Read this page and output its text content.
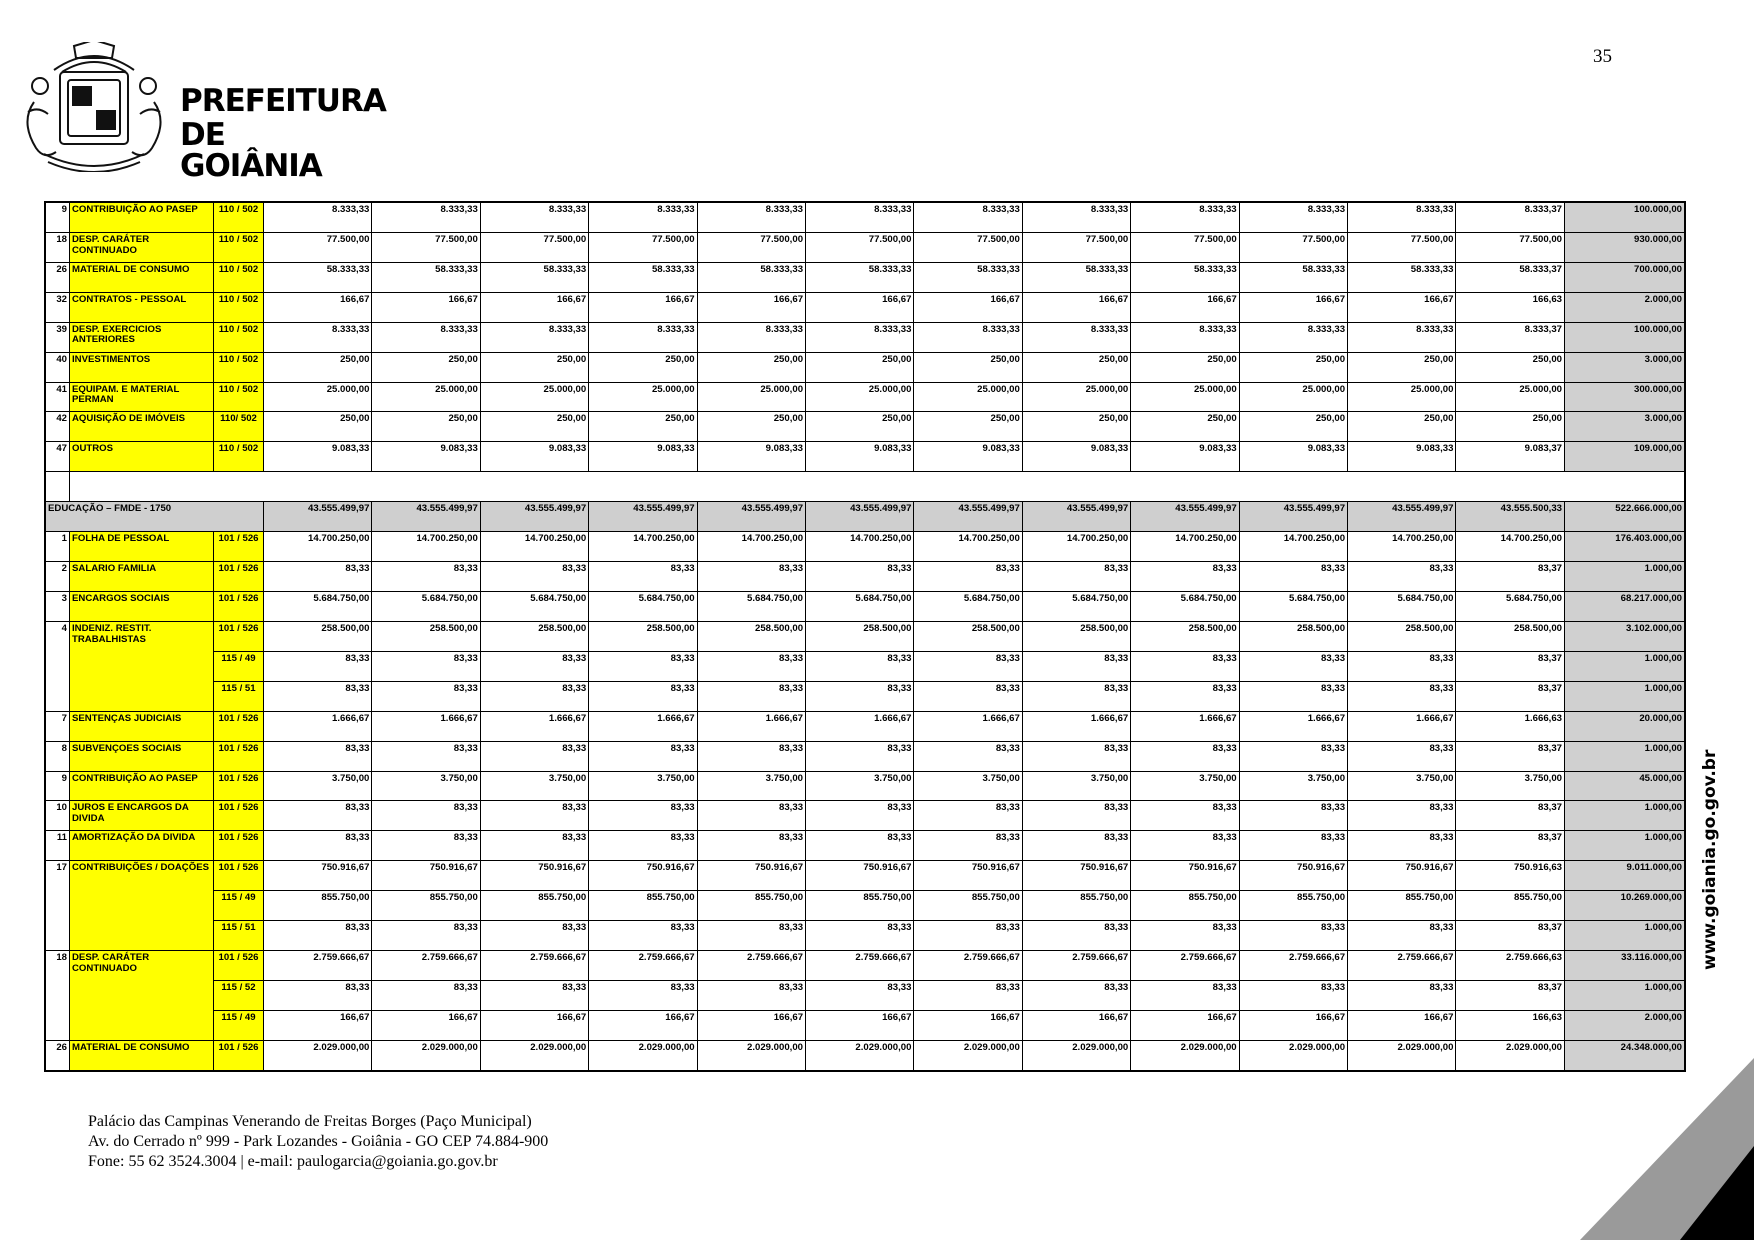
PREFEITURA
DE GOIÂNIA
35
9	CONTRIBUIÇÃO AO PASEP	110 / 502	8.333,33	8.333,33	8.333,33	8.333,33	8.333,33	8.333,33	8.333,33	8.333,33	8.333,33	8.333,33	8.333,33	8.333,37	100.000,00
18	DESP. CARÁTER CONTINUADO	110 / 502	77.500,00	77.500,00	77.500,00	77.500,00	77.500,00	77.500,00	77.500,00	77.500,00	77.500,00	77.500,00	77.500,00	77.500,00	930.000,00
26	MATERIAL DE CONSUMO	110 / 502	58.333,33	58.333,33	58.333,33	58.333,33	58.333,33	58.333,33	58.333,33	58.333,33	58.333,33	58.333,33	58.333,33	58.333,37	700.000,00
32	CONTRATOS - PESSOAL	110 / 502	166,67	166,67	166,67	166,67	166,67	166,67	166,67	166,67	166,67	166,67	166,67	166,63	2.000,00
39	DESP. EXERCICIOS ANTERIORES	110 / 502	8.333,33	8.333,33	8.333,33	8.333,33	8.333,33	8.333,33	8.333,33	8.333,33	8.333,33	8.333,33	8.333,33	8.333,37	100.000,00
40	INVESTIMENTOS	110 / 502	250,00	250,00	250,00	250,00	250,00	250,00	250,00	250,00	250,00	250,00	250,00	250,00	3.000,00
41	EQUIPAM. E MATERIAL PERMAN	110 / 502	25.000,00	25.000,00	25.000,00	25.000,00	25.000,00	25.000,00	25.000,00	25.000,00	25.000,00	25.000,00	25.000,00	25.000,00	300.000,00
42	AQUISIÇÃO DE IMÓVEIS	110/ 502	250,00	250,00	250,00	250,00	250,00	250,00	250,00	250,00	250,00	250,00	250,00	250,00	3.000,00
47	OUTROS	110 / 502	9.083,33	9.083,33	9.083,33	9.083,33	9.083,33	9.083,33	9.083,33	9.083,33	9.083,33	9.083,33	9.083,33	9.083,37	109.000,00

EDUCAÇÃO – FMDE - 1750			43.555.499,97	43.555.499,97	43.555.499,97	43.555.499,97	43.555.499,97	43.555.499,97	43.555.499,97	43.555.499,97	43.555.499,97	43.555.499,97	43.555.499,97	43.555.500,33	522.666.000,00
1	FOLHA DE PESSOAL	101 / 526	14.700.250,00	14.700.250,00	14.700.250,00	14.700.250,00	14.700.250,00	14.700.250,00	14.700.250,00	14.700.250,00	14.700.250,00	14.700.250,00	14.700.250,00	14.700.250,00	176.403.000,00
2	SALARIO FAMILIA	101 / 526	83,33	83,33	83,33	83,33	83,33	83,33	83,33	83,33	83,33	83,33	83,33	83,37	1.000,00
3	ENCARGOS SOCIAIS	101 / 526	5.684.750,00	5.684.750,00	5.684.750,00	5.684.750,00	5.684.750,00	5.684.750,00	5.684.750,00	5.684.750,00	5.684.750,00	5.684.750,00	5.684.750,00	5.684.750,00	68.217.000,00
4	INDENIZ. RESTIT. TRABALHISTAS	101 / 526	258.500,00	258.500,00	258.500,00	258.500,00	258.500,00	258.500,00	258.500,00	258.500,00	258.500,00	258.500,00	258.500,00	258.500,00	3.102.000,00
		115 / 49	83,33	83,33	83,33	83,33	83,33	83,33	83,33	83,33	83,33	83,33	83,33	83,37	1.000,00
		115 / 51	83,33	83,33	83,33	83,33	83,33	83,33	83,33	83,33	83,33	83,33	83,33	83,37	1.000,00
7	SENTENÇAS JUDICIAIS	101 / 526	1.666,67	1.666,67	1.666,67	1.666,67	1.666,67	1.666,67	1.666,67	1.666,67	1.666,67	1.666,67	1.666,67	1.666,63	20.000,00
8	SUBVENÇOES SOCIAIS	101 / 526	83,33	83,33	83,33	83,33	83,33	83,33	83,33	83,33	83,33	83,33	83,33	83,37	1.000,00
9	CONTRIBUIÇÃO AO PASEP	101 / 526	3.750,00	3.750,00	3.750,00	3.750,00	3.750,00	3.750,00	3.750,00	3.750,00	3.750,00	3.750,00	3.750,00	3.750,00	45.000,00
10	JUROS E ENCARGOS DA DIVIDA	101 / 526	83,33	83,33	83,33	83,33	83,33	83,33	83,33	83,33	83,33	83,33	83,33	83,37	1.000,00
11	AMORTIZAÇÃO DA DIVIDA	101 / 526	83,33	83,33	83,33	83,33	83,33	83,33	83,33	83,33	83,33	83,33	83,33	83,37	1.000,00
17	CONTRIBUIÇÕES / DOAÇÕES	101 / 526	750.916,67	750.916,67	750.916,67	750.916,67	750.916,67	750.916,67	750.916,67	750.916,67	750.916,67	750.916,67	750.916,67	750.916,63	9.011.000,00
		115 / 49	855.750,00	855.750,00	855.750,00	855.750,00	855.750,00	855.750,00	855.750,00	855.750,00	855.750,00	855.750,00	855.750,00	855.750,00	10.269.000,00
		115 / 51	83,33	83,33	83,33	83,33	83,33	83,33	83,33	83,33	83,33	83,33	83,33	83,37	1.000,00
18	DESP. CARÁTER CONTINUADO	101 / 526	2.759.666,67	2.759.666,67	2.759.666,67	2.759.666,67	2.759.666,67	2.759.666,67	2.759.666,67	2.759.666,67	2.759.666,67	2.759.666,67	2.759.666,67	2.759.666,63	33.116.000,00
		115 / 52	83,33	83,33	83,33	83,33	83,33	83,33	83,33	83,33	83,33	83,33	83,33	83,37	1.000,00
		115 / 49	166,67	166,67	166,67	166,67	166,67	166,67	166,67	166,67	166,67	166,67	166,67	166,63	2.000,00
26	MATERIAL DE CONSUMO	101 / 526	2.029.000,00	2.029.000,00	2.029.000,00	2.029.000,00	2.029.000,00	2.029.000,00	2.029.000,00	2.029.000,00	2.029.000,00	2.029.000,00	2.029.000,00	2.029.000,00	24.348.000,00
www.goiania.go.gov.br
Palácio das Campinas Venerando de Freitas Borges (Paço Municipal)
Av. do Cerrado nº 999 - Park Lozandes - Goiânia - GO CEP 74.884-900
Fone: 55 62 3524.3004 | e-mail: paulogarcia@goiania.go.gov.br
